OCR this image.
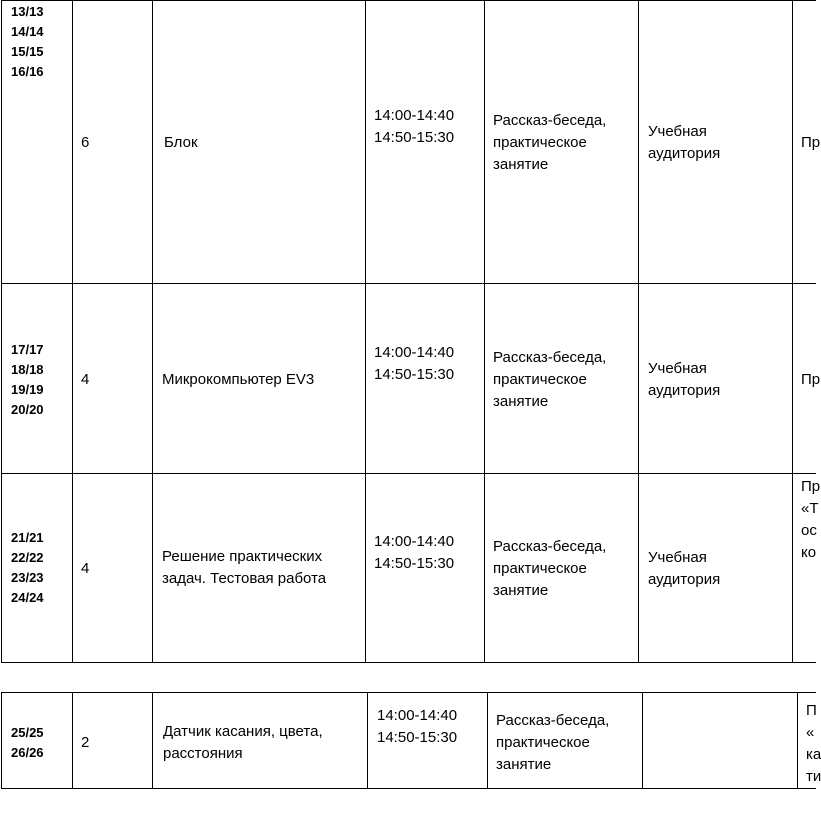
13/13
14/14
15/15
16/16
6	Блок
14:00-14:40
14:50-15:30
Рассказ-беседа,
практическое
занятие
Учебная
аудитория
Пр
17/17
18/18
19/19
20/20
4	Микрокомпьютер EV3
14:00-14:40
14:50-15:30
Рассказ-беседа,
практическое
занятие
Учебная
аудитория
Пр
21/21
22/22
23/23
24/24
4
Решение практических
задач. Тестовая работа
14:00-14:40
14:50-15:30
Рассказ-беседа,
практическое
занятие
Учебная
аудитория
Пр
«Т
ос
ко
25/25
26/26
2
Датчик касания, цвета,
расстояния
14:00-14:40
14:50-15:30
Рассказ-беседа,
практическое
занятие
П
«
ка
ти
